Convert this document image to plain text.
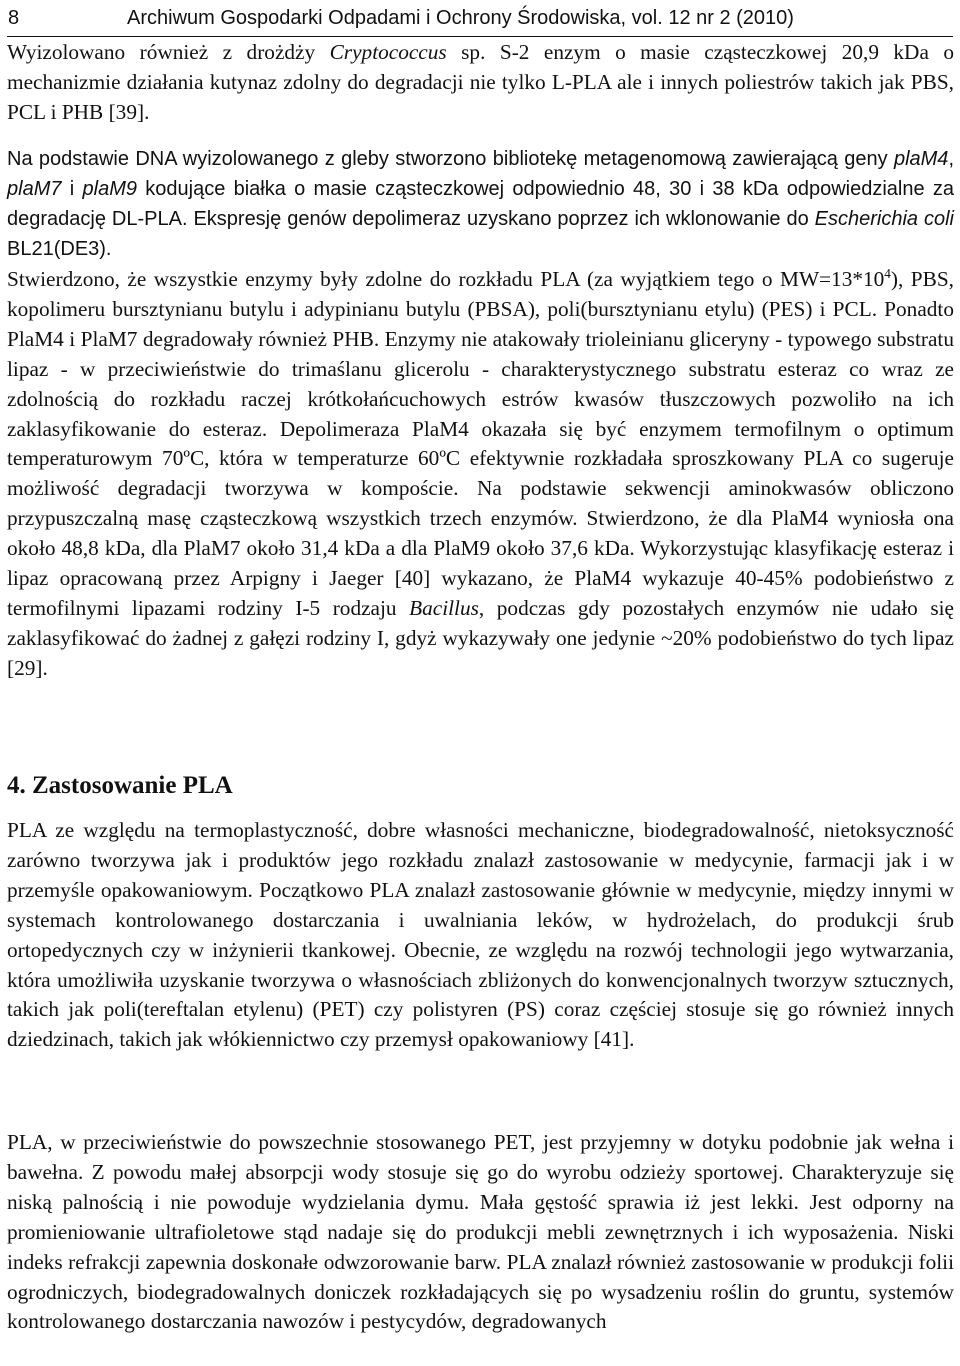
8	Archiwum Gospodarki Odpadami i Ochrony Środowiska, vol. 12 nr 2 (2010)

Wyizolowano również z drożdży Cryptococcus sp. S-2 enzym o masie cząsteczkowej 20,9 kDa o mechanizmie działania kutynaz zdolny do degradacji nie tylko L-PLA ale i innych poliestrów takich jak PBS, PCL i PHB [39].

Na podstawie DNA wyizolowanego z gleby stworzono bibliotekę metagenomową zawierającą geny plaM4, plaM7 i plaM9 kodujące białka o masie cząsteczkowej odpowiednio 48, 30 i 38 kDa odpowiedzialne za degradację DL-PLA. Ekspresję genów depolimeraz uzyskano poprzez ich wklonowanie do Escherichia coli BL21(DE3).

Stwierdzono, że wszystkie enzymy były zdolne do rozkładu PLA (za wyjątkiem tego o $MW=13*10^4$), PBS, kopolimeru bursztynianu butylu i adypinianu butylu (PBSA), poli(bursztynianu etylu) (PES) i PCL. Ponadto PlaM4 i PlaM7 degradowały również PHB. Enzymy nie atakowały trioleinianu gliceryny - typowego substratu lipaz - w przeciwieństwie do trimaślanu glicerolu - charakterystycznego substratu esteraz co wraz ze zdolnością do rozkładu raczej krótkołańcuchowych estrów kwasów tłuszczowych pozwoliło na ich zaklasyfikowanie do esteraz. Depolimeraza PlaM4 okazała się być enzymem termofilnym o optimum temperaturowym 70ºC, która w temperaturze 60ºC efektywnie rozkładała sproszkowany PLA co sugeruje możliwość degradacji tworzywa w kompoście. Na podstawie sekwencji aminokwasów obliczono przypuszczalną masę cząsteczkową wszystkich trzech enzymów. Stwierdzono, że dla PlaM4 wyniosła ona około 48,8 kDa, dla PlaM7 około 31,4 kDa a dla PlaM9 około 37,6 kDa. Wykorzystując klasyfikację esteraz i lipaz opracowaną przez Arpigny i Jaeger [40] wykazano, że PlaM4 wykazuje 40-45% podobieństwo z termofilnymi lipazami rodziny I-5 rodzaju Bacillus, podczas gdy pozostałych enzymów nie udało się zaklasyfikować do żadnej z gałęzi rodziny I, gdyż wykazywały one jedynie ~20% podobieństwo do tych lipaz [29].

4. Zastosowanie PLA

PLA ze względu na termoplastyczność, dobre własności mechaniczne, biodegradowalność, nietoksyczność zarówno tworzywa jak i produktów jego rozkładu znalazł zastosowanie w medycynie, farmacji jak i w przemyśle opakowaniowym. Początkowo PLA znalazł zastosowanie głównie w medycynie, między innymi w systemach kontrolowanego dostarczania i uwalniania leków, w hydrożelach, do produkcji śrub ortopedycznych czy w inżynierii tkankowej. Obecnie, ze względu na rozwój technologii jego wytwarzania, która umożliwiła uzyskanie tworzywa o własnościach zbliżonych do konwencjonalnych tworzyw sztucznych, takich jak poli(tereftalan etylenu) (PET) czy polistyren (PS) coraz częściej stosuje się go również innych dziedzinach, takich jak włókiennictwo czy przemysł opakowaniowy [41].

PLA, w przeciwieństwie do powszechnie stosowanego PET, jest przyjemny w dotyku podobnie jak wełna i bawełna. Z powodu małej absorpcji wody stosuje się go do wyrobu odzieży sportowej. Charakteryzuje się niską palnością i nie powoduje wydzielania dymu. Mała gęstość sprawia iż jest lekki. Jest odporny na promieniowanie ultrafioletowe stąd nadaje się do produkcji mebli zewnętrznych i ich wyposażenia. Niski indeks refrakcji zapewnia doskonałe odwzorowanie barw. PLA znalazł również zastosowanie w produkcji folii ogrodniczych, biodegradowalnych doniczek rozkładających się po wysadzeniu roślin do gruntu, systemów kontrolowanego dostarczania nawozów i pestycydów, degradowanych
